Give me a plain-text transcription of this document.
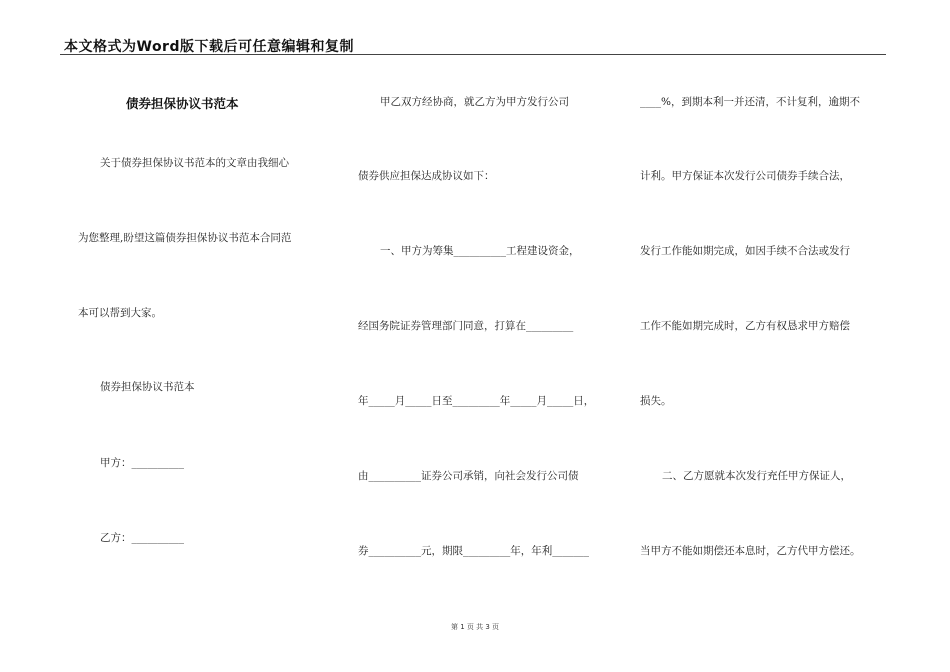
本文格式为Word版下载后可任意编辑和复制
债券担保协议书范本
关于债券担保协议书范本的文章由我细心
为您整理,盼望这篇债券担保协议书范本合同范
本可以帮到大家。
债券担保协议书范本
甲方：__________
乙方：__________
甲乙双方经协商，就乙方为甲方发行公司
债券供应担保达成协议如下：
一、甲方为筹集__________工程建设资金，
经国务院证券管理部门同意，打算在_________
年_____月_____日至_________年_____月_____日，
由__________证券公司承销，向社会发行公司债
券__________元，期限_________年，年利_______
____%，到期本利一并还清，不计复利，逾期不
计利。甲方保证本次发行公司债券手续合法，
发行工作能如期完成，如因手续不合法或发行
工作不能如期完成时，乙方有权恳求甲方赔偿
损失。
二、乙方愿就本次发行充任甲方保证人，
当甲方不能如期偿还本息时，乙方代甲方偿还。
第 1 页 共 3 页
